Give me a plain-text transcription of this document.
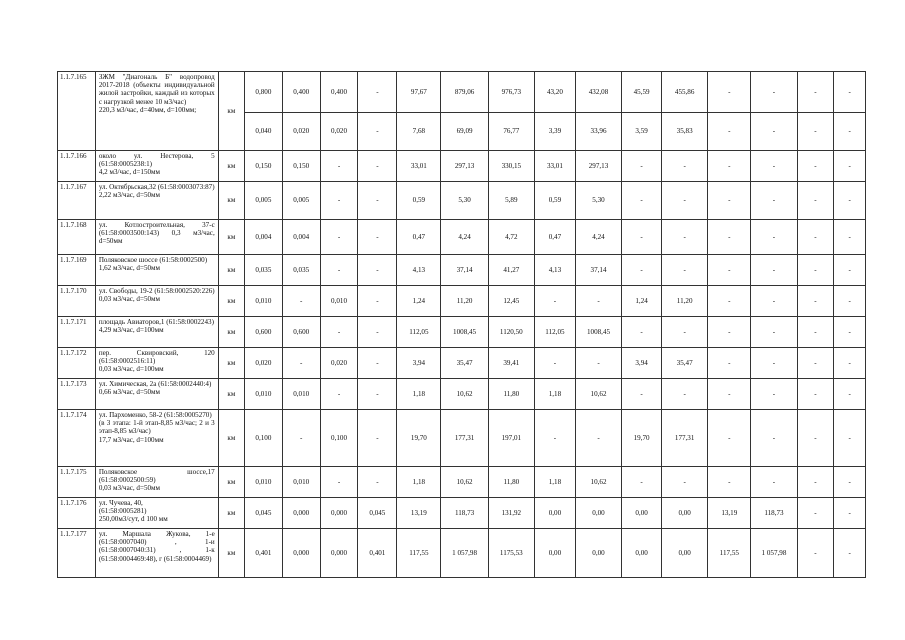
1.1.7.165	ЗЖМ "Диагональ Б" водопровод 2017-2018 (объекты индивидуальной жилой застройки, каждый из которых с нагрузкой менее 10 м3/час)
220,3 м3/час, d=40мм, d=100мм;	км	0,800	0,400	0,400	-	97,67	879,06	976,73	43,20	432,08	45,59	455,86	-	-	-	-
			0,040	0,020	0,020	-	7,68	69,09	76,77	3,39	33,96	3,59	35,83	-	-	-	-
1.1.7.166	около ул. Нестерова, 5 (61:58:0005238:1)
4,2 м3/час, d=150мм	км	0,150	0,150	-	-	33,01	297,13	330,15	33,01	297,13	-	-	-	-	-	-
1.1.7.167	ул. Октябрьская,32 (61:58:0003073:87)
2,22 м3/час, d=50мм	км	0,005	0,005	-	-	0,59	5,30	5,89	0,59	5,30	-	-	-	-	-	-
1.1.7.168	ул. Котлостроительная, 37-с (61:58:0003500:143) 0,3 м3/час, d=50мм	км	0,004	0,004	-	-	0,47	4,24	4,72	0,47	4,24	-	-	-	-	-	-
1.1.7.169	Поляковское шоссе (61:58:0002500)
1,62 м3/час, d=50мм	км	0,035	0,035	-	-	4,13	37,14	41,27	4,13	37,14	-	-	-	-	-	-
1.1.7.170	ул. Свободы, 19-2 (61:58:0002520:226)
0,03 м3/час, d=50мм	км	0,010	-	0,010	-	1,24	11,20	12,45	-	-	1,24	11,20	-	-	-	-
1.1.7.171	площадь Авиаторов,1 (61:58:0002243)
4,29 м3/час, d=100мм	км	0,600	0,600	-	-	112,05	1008,45	1120,50	112,05	1008,45	-	-	-	-	-	-
1.1.7.172	пер. Сквировский, 120 (61:58:0002516:11)
0,03 м3/час, d=100мм	км	0,020	-	0,020	-	3,94	35,47	39,41	-	-	3,94	35,47	-	-	-	-
1.1.7.173	ул. Химическая, 2а (61:58:0002440:4)
0,66 м3/час, d=50мм	км	0,010	0,010	-	-	1,18	10,62	11,80	1,18	10,62	-	-	-	-	-	-
1.1.7.174	ул. Пархоменко, 58-2 (61:58:0005270)
(в 3 этапа: 1-й этап-8,85 м3/час; 2 и 3 этап-8,85 м3/час)
17,7 м3/час, d=100мм	км	0,100	-	0,100	-	19,70	177,31	197,01	-	-	19,70	177,31	-	-	-	-
1.1.7.175	Поляковское шоссе,17 (61:58:0002500:59)
0,03 м3/час, d=50мм	км	0,010	0,010	-	-	1,18	10,62	11,80	1,18	10,62	-	-	-	-	-	-
1.1.7.176	ул. Чучева, 40,
(61:58:0005281)
250,00м3/сут, d 100 мм	км	0,045	0,000	0,000	0,045	13,19	118,73	131,92	0,00	0,00	0,00	0,00	13,19	118,73	-	-
1.1.7.177	ул. Маршала Жукова, 1-е (61:58:0007040) , 1-и (61:58:0007040:31) , 1-к (61:58:0004469:48), г (61:58:0004469)	км	0,401	0,000	0,000	0,401	117,55	1 057,98	1175,53	0,00	0,00	0,00	0,00	117,55	1 057,98	-	-
